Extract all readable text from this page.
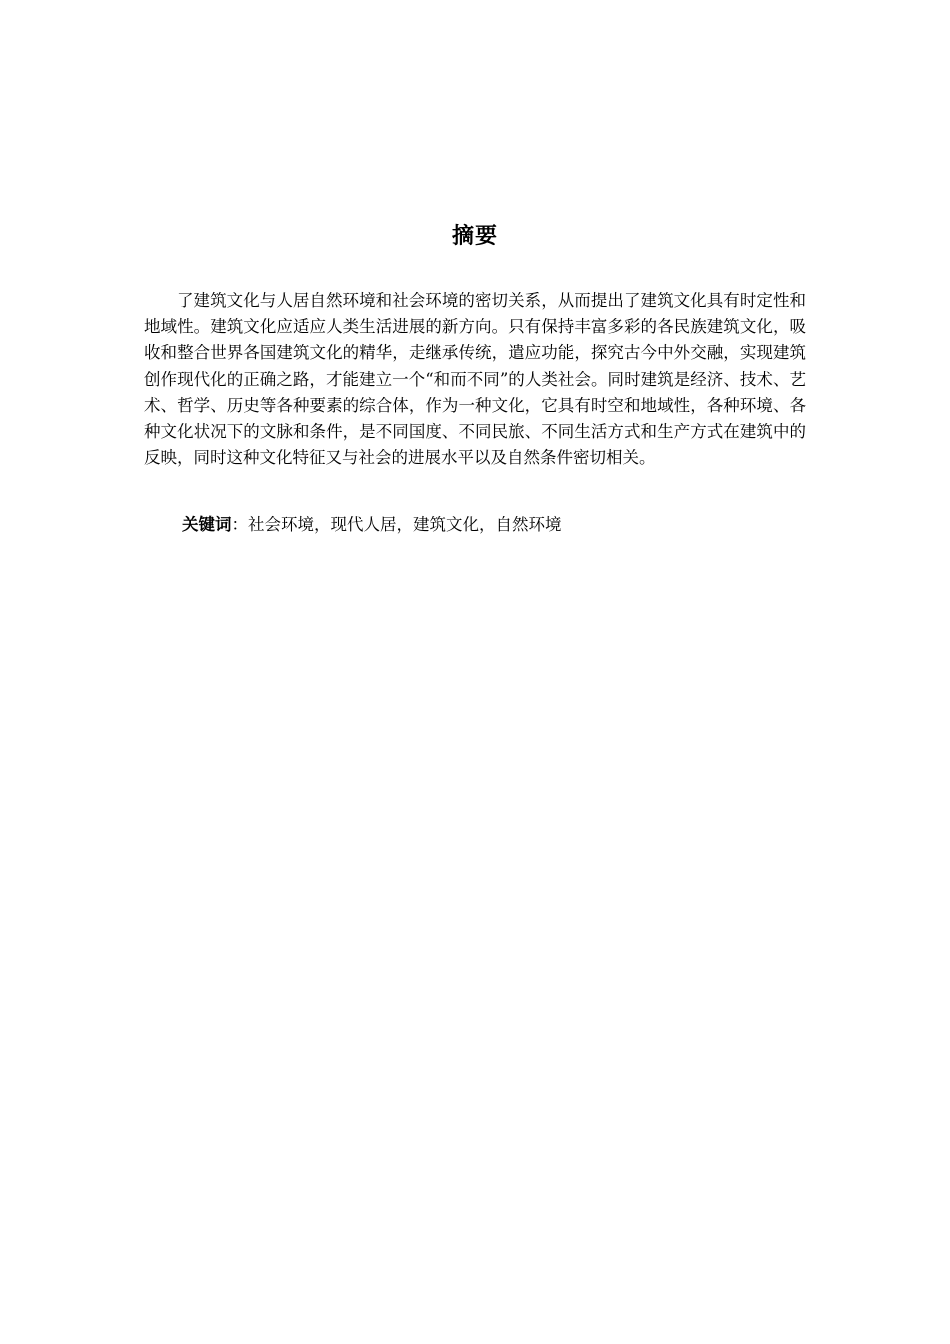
摘要

了建筑文化与人居自然环境和社会环境的密切关系，从而提出了建筑文化具有时定性和地域性。建筑文化应适应人类生活进展的新方向。只有保持丰富多彩的各民族建筑文化，吸收和整合世界各国建筑文化的精华，走继承传统，遣应功能，探究古今中外交融，实现建筑创作现代化的正确之路，才能建立一个“和而不同”的人类社会。同时建筑是经济、技术、艺术、哲学、历史等各种要素的综合体，作为一种文化，它具有时空和地域性，各种环境、各种文化状况下的文脉和条件，是不同国度、不同民旅、不同生活方式和生产方式在建筑中的反映，同时这种文化特征又与社会的进展水平以及自然条件密切相关。

关键词：社会环境，现代人居，建筑文化，自然环境
